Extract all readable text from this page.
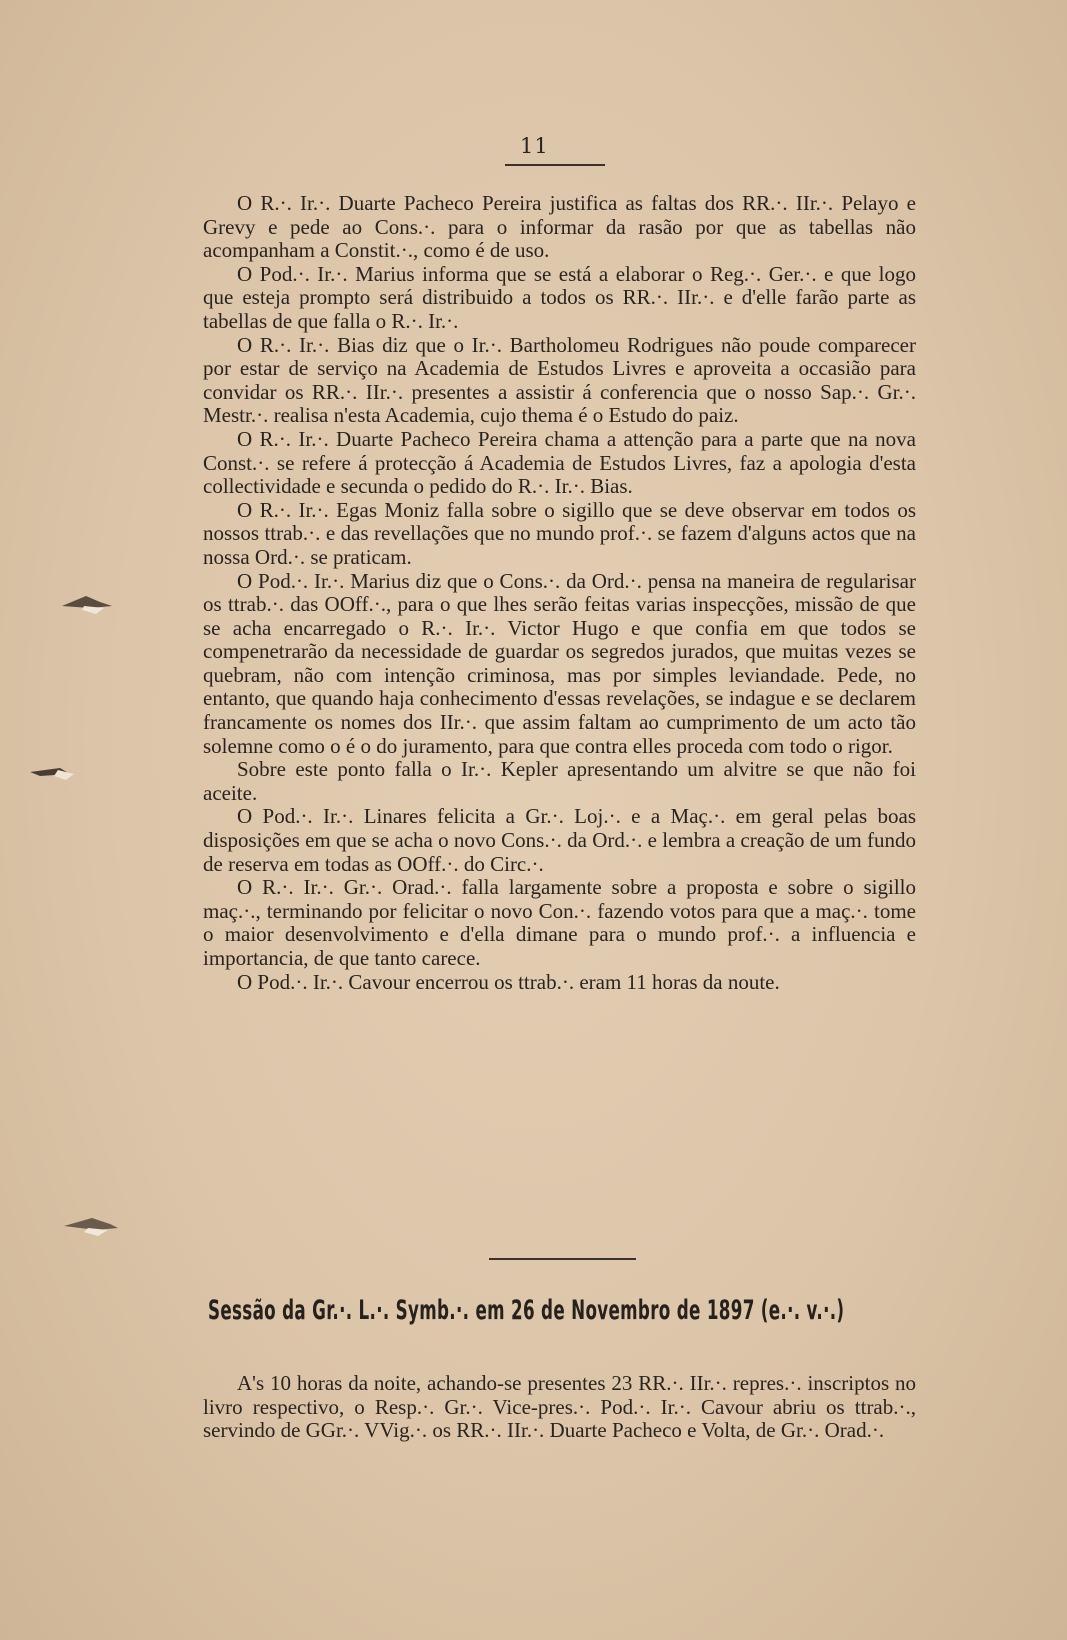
11

O R.·. Ir.·. Duarte Pacheco Pereira justifica as faltas dos RR.·. IIr.·. Pelayo e Grevy e pede ao Cons.·. para o informar da rasão por que as tabellas não acompanham a Constit.·., como é de uso.

O Pod.·. Ir.·. Marius informa que se está a elaborar o Reg.·. Ger.·. e que logo que esteja prompto será distribuido a todos os RR.·. IIr.·. e d'elle farão parte as tabellas de que falla o R.·. Ir.·.

O R.·. Ir.·. Bias diz que o Ir.·. Bartholomeu Rodrigues não poude comparecer por estar de serviço na Academia de Estudos Livres e aproveita a occasião para convidar os RR.·. IIr.·. presentes a assistir á conferencia que o nosso Sap.·. Gr.·. Mestr.·. realisa n'esta Academia, cujo thema é o Estudo do paiz.

O R.·. Ir.·. Duarte Pacheco Pereira chama a attenção para a parte que na nova Const.·. se refere á protecção á Academia de Estudos Livres, faz a apologia d'esta collectividade e secunda o pedido do R.·. Ir.·. Bias.

O R.·. Ir.·. Egas Moniz falla sobre o sigillo que se deve observar em todos os nossos ttrab.·. e das revellações que no mundo prof.·. se fazem d'alguns actos que na nossa Ord.·. se praticam.

O Pod.·. Ir.·. Marius diz que o Cons.·. da Ord.·. pensa na maneira de regularisar os ttrab.·. das OOff.·., para o que lhes serão feitas varias inspecções, missão de que se acha encarregado o R.·. Ir.·. Victor Hugo e que confia em que todos se compenetrarão da necessidade de guardar os segredos jurados, que muitas vezes se quebram, não com intenção criminosa, mas por simples leviandade. Pede, no entanto, que quando haja conhecimento d'essas revelações, se indague e se declarem francamente os nomes dos IIr.·. que assim faltam ao cumprimento de um acto tão solemne como o é o do juramento, para que contra elles proceda com todo o rigor.

Sobre este ponto falla o Ir.·. Kepler apresentando um alvitre se que não foi aceite.

O Pod.·. Ir.·. Linares felicita a Gr.·. Loj.·. e a Maç.·. em geral pelas boas disposições em que se acha o novo Cons.·. da Ord.·. e lembra a creação de um fundo de reserva em todas as OOff.·. do Circ.·.

O R.·. Ir.·. Gr.·. Orad.·. falla largamente sobre a proposta e sobre o sigillo maç.·., terminando por felicitar o novo Con.·. fazendo votos para que a maç.·. tome o maior desenvolvimento e d'ella dimane para o mundo prof.·. a influencia e importancia, de que tanto carece.

O Pod.·. Ir.·. Cavour encerrou os ttrab.·. eram 11 horas da noute.

Sessão da Gr.·. L.·. Symb.·. em 26 de Novembro de 1897 (e.·. v.·.)

A's 10 horas da noite, achando-se presentes 23 RR.·. IIr.·. repres.·. inscriptos no livro respectivo, o Resp.·. Gr.·. Vice-pres.·. Pod.·. Ir.·. Cavour abriu os ttrab.·., servindo de GGr.·. VVig.·. os RR.·. IIr.·. Duarte Pacheco e Volta, de Gr.·. Orad.·.
